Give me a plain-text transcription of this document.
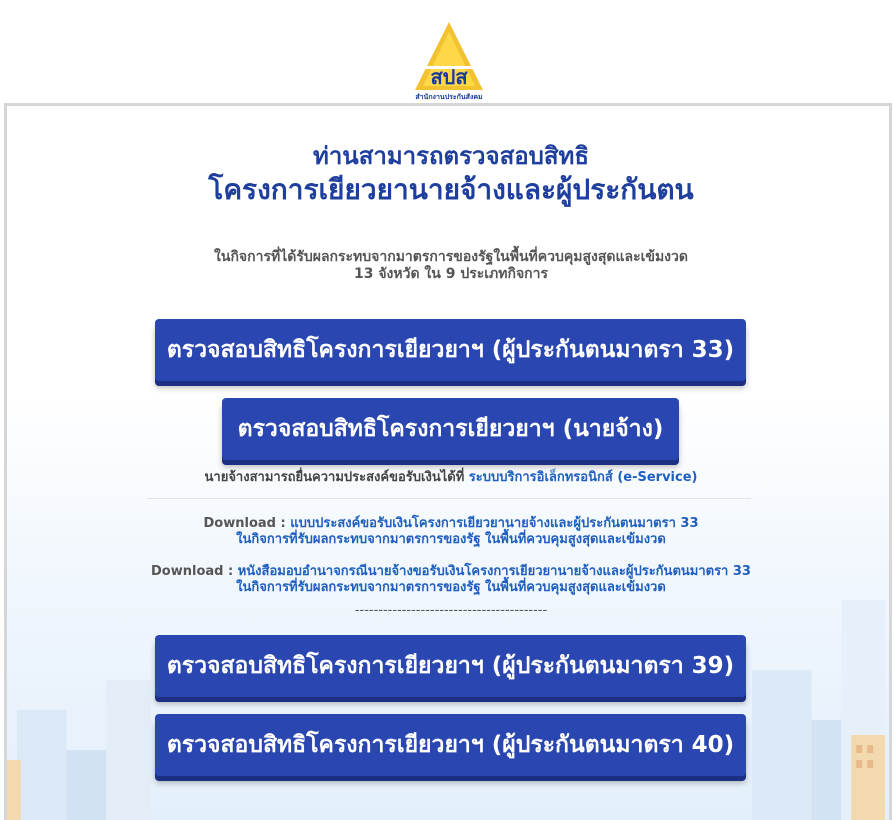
สปส
สำนักงานประกันสังคม
ท่านสามารถตรวจสอบสิทธิ
โครงการเยียวยานายจ้างและผู้ประกันตน
ในกิจการที่ได้รับผลกระทบจากมาตรการของรัฐในพื้นที่ควบคุมสูงสุดและเข้มงวด
13 จังหวัด ใน 9 ประเภทกิจการ
ตรวจสอบสิทธิโครงการเยียวยาฯ (ผู้ประกันตนมาตรา 33)
ตรวจสอบสิทธิโครงการเยียวยาฯ (นายจ้าง)
นายจ้างสามารถยื่นความประสงค์ขอรับเงินได้ที่ ระบบบริการอิเล็กทรอนิกส์ (e-Service)
Download : แบบประสงค์ขอรับเงินโครงการเยียวยานายจ้างและผู้ประกันตนมาตรา 33
ในกิจการที่รับผลกระทบจากมาตรการของรัฐ ในพื้นที่ควบคุมสูงสุดและเข้มงวด
Download : หนังสือมอบอำนาจกรณีนายจ้างขอรับเงินโครงการเยียวยานายจ้างและผู้ประกันตนมาตรา 33
ในกิจการที่รับผลกระทบจากมาตรการของรัฐ ในพื้นที่ควบคุมสูงสุดและเข้มงวด
-----------------------------------------
ตรวจสอบสิทธิโครงการเยียวยาฯ (ผู้ประกันตนมาตรา 39)
ตรวจสอบสิทธิโครงการเยียวยาฯ (ผู้ประกันตนมาตรา 40)
